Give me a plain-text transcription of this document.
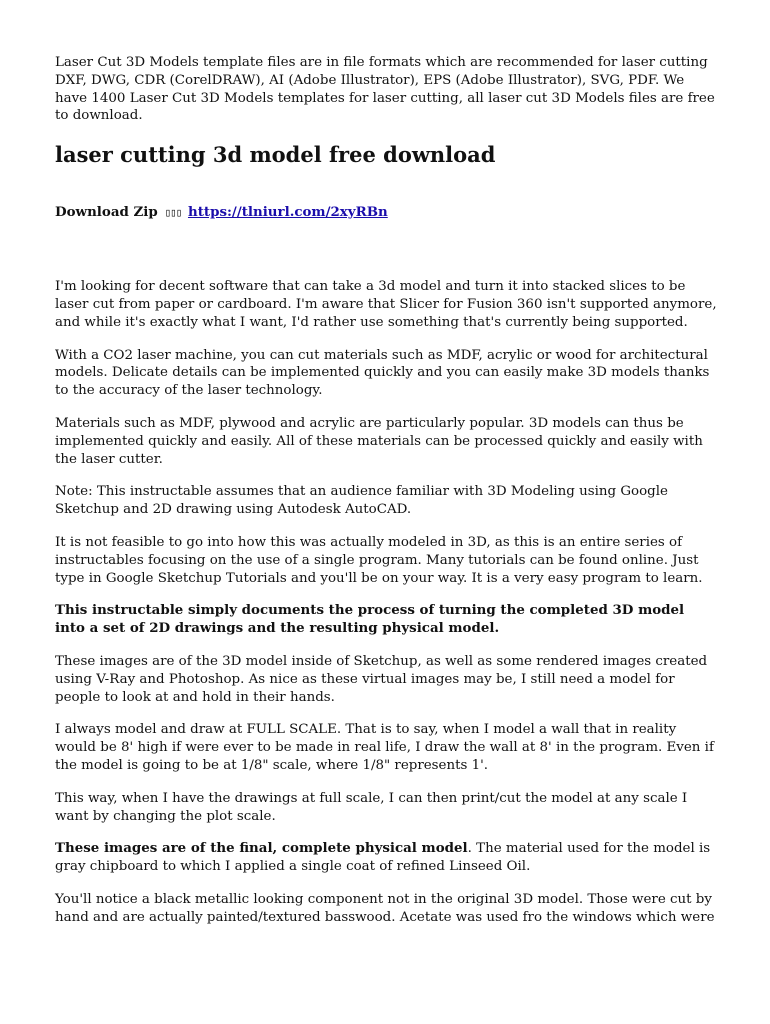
Laser Cut 3D Models template files are in file formats which are recommended for laser cutting DXF, DWG, CDR (CorelDRAW), AI (Adobe Illustrator), EPS (Adobe Illustrator), SVG, PDF. We have 1400 Laser Cut 3D Models templates for laser cutting, all laser cut 3D Models files are free to download.

laser cutting 3d model free download
Download Zip ▯▯▯ https://tlniurl.com/2xyRBn

I'm looking for decent software that can take a 3d model and turn it into stacked slices to be laser cut from paper or cardboard. I'm aware that Slicer for Fusion 360 isn't supported anymore, and while it's exactly what I want, I'd rather use something that's currently being supported.

With a CO2 laser machine, you can cut materials such as MDF, acrylic or wood for architectural models. Delicate details can be implemented quickly and you can easily make 3D models thanks to the accuracy of the laser technology.

Materials such as MDF, plywood and acrylic are particularly popular. 3D models can thus be implemented quickly and easily. All of these materials can be processed quickly and easily with the laser cutter.

Note: This instructable assumes that an audience familiar with 3D Modeling using Google Sketchup and 2D drawing using Autodesk AutoCAD.

It is not feasible to go into how this was actually modeled in 3D, as this is an entire series of instructables focusing on the use of a single program. Many tutorials can be found online. Just type in Google Sketchup Tutorials and you'll be on your way. It is a very easy program to learn.

This instructable simply documents the process of turning the completed 3D model into a set of 2D drawings and the resulting physical model.

These images are of the 3D model inside of Sketchup, as well as some rendered images created using V-Ray and Photoshop. As nice as these virtual images may be, I still need a model for people to look at and hold in their hands.

I always model and draw at FULL SCALE. That is to say, when I model a wall that in reality would be 8' high if were ever to be made in real life, I draw the wall at 8' in the program. Even if the model is going to be at 1/8" scale, where 1/8" represents 1'.

This way, when I have the drawings at full scale, I can then print/cut the model at any scale I want by changing the plot scale.

These images are of the final, complete physical model. The material used for the model is gray chipboard to which I applied a single coat of refined Linseed Oil.

You'll notice a black metallic looking component not in the original 3D model. Those were cut by hand and are actually painted/textured basswood. Acetate was used fro the windows which were
